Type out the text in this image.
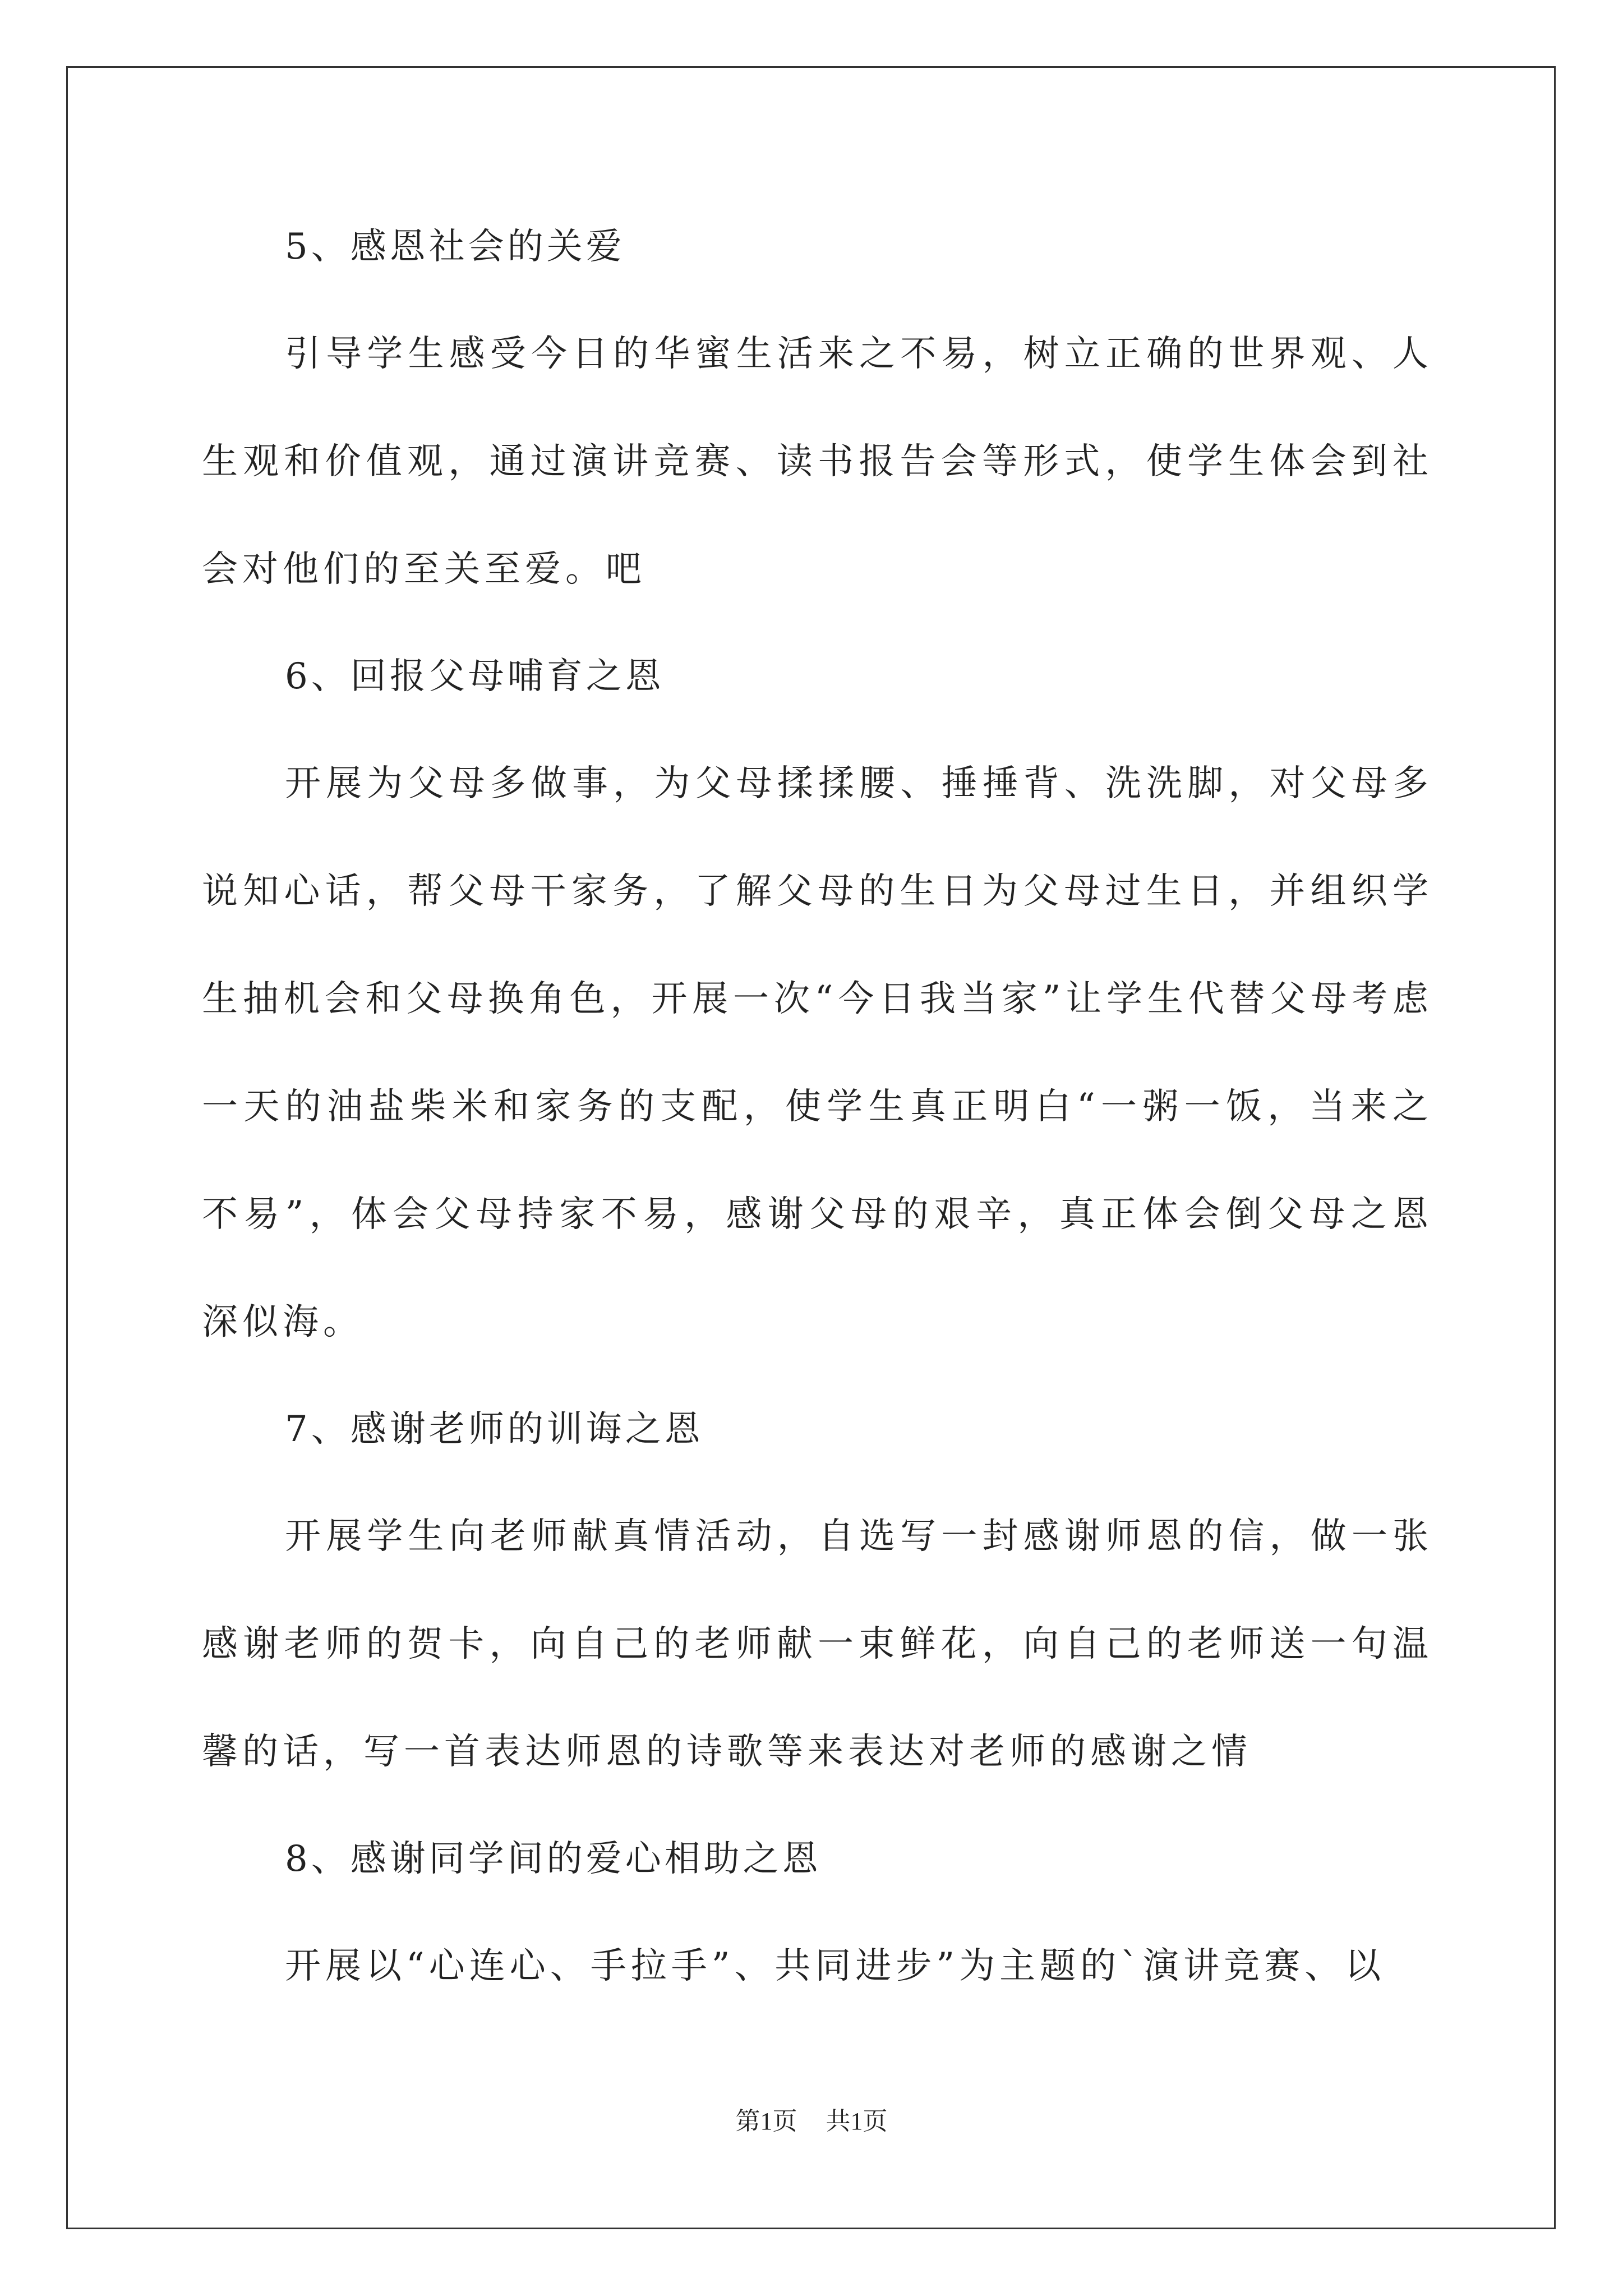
5、感恩社会的关爱
引导学生感受今日的华蜜生活来之不易，树立正确的世界观、人生观和价值观，通过演讲竞赛、读书报告会等形式，使学生体会到社会对他们的至关至爱。吧
6、回报父母哺育之恩
开展为父母多做事，为父母揉揉腰、捶捶背、洗洗脚，对父母多说知心话，帮父母干家务，了解父母的生日为父母过生日，并组织学生抽机会和父母换角色，开展一次“今日我当家”让学生代替父母考虑一天的油盐柴米和家务的支配，使学生真正明白“一粥一饭，当来之不易”，体会父母持家不易，感谢父母的艰辛，真正体会倒父母之恩深似海。
7、感谢老师的训诲之恩
开展学生向老师献真情活动，自选写一封感谢师恩的信，做一张感谢老师的贺卡，向自己的老师献一束鲜花，向自己的老师送一句温馨的话，写一首表达师恩的诗歌等来表达对老师的感谢之情
8、感谢同学间的爱心相助之恩
开展以“心连心、手拉手”、共同进步”为主题的`演讲竞赛、以
第1页 共1页
